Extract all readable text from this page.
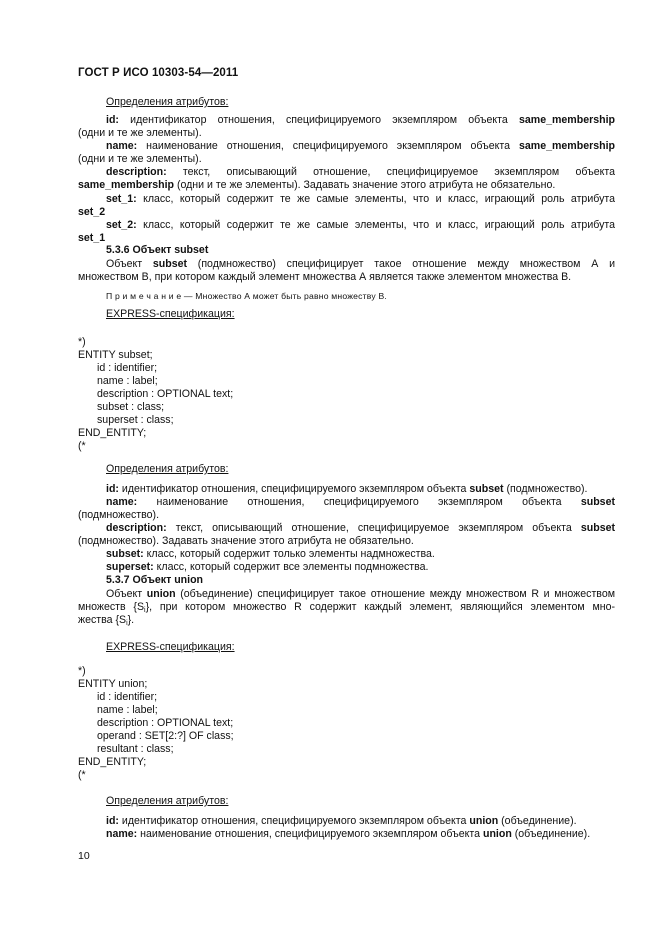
ГОСТ Р ИСО 10303-54—2011
Определения атрибутов:
id: идентификатор отношения, специфицируемого экземпляром объекта same_membership
(одни и те же элементы).
name: наименование отношения, специфицируемого экземпляром объекта same_membership
(одни и те же элементы).
description: текст, описывающий отношение, специфицируемое экземпляром объекта
same_membership (одни и те же элементы). Задавать значение этого атрибута не обязательно.
set_1: класс, который содержит те же самые элементы, что и класс, играющий роль атрибута
set_2
set_2: класс, который содержит те же самые элементы, что и класс, играющий роль атрибута
set_1
5.3.6 Объект subset
Объект subset (подмножество) специфицирует такое отношение между множеством А и
множеством В, при котором каждый элемент множества А является также элементом множества В.
П р и м е ч а н и е — Множество А может быть равно множеству В.
EXPRESS-спецификация:
*)
ENTITY subset;
id : identifier;
name : label;
description : OPTIONAL text;
subset : class;
superset : class;
END_ENTITY;
(*
Определения атрибутов:
id: идентификатор отношения, специфицируемого экземпляром объекта subset (подмножество).
name: наименование отношения, специфицируемого экземпляром объекта subset
(подмножество).
description: текст, описывающий отношение, специфицируемое экземпляром объекта subset
(подмножество). Задавать значение этого атрибута не обязательно.
subset: класс, который содержит только элементы надмножества.
superset: класс, который содержит все элементы подмножества.
5.3.7 Объект union
Объект union (объединение) специфицирует такое отношение между множеством R и множеством
множеств $\{S_i\}$, при котором множество R содержит каждый элемент, являющийся элементом мно-
жества $\{S_i\}$.
EXPRESS-спецификация:
*)
ENTITY union;
id : identifier;
name : label;
description : OPTIONAL text;
operand : SET[2:?] OF class;
resultant : class;
END_ENTITY;
(*
Определения атрибутов:
id: идентификатор отношения, специфицируемого экземпляром объекта union (объединение).
name: наименование отношения, специфицируемого экземпляром объекта union (объединение).
10
